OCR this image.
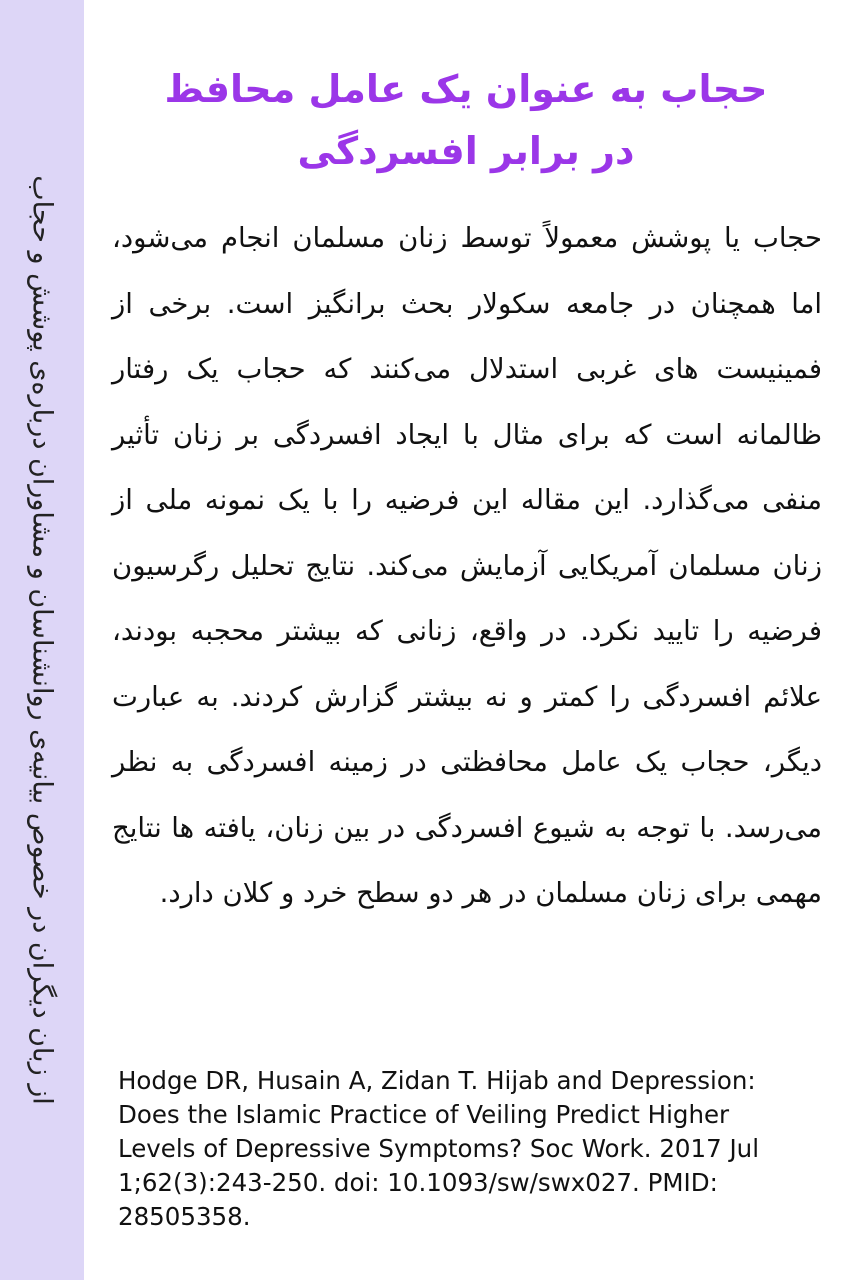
از زبان دیگران در خصوص بیانیه‌ی روانشناسان و مشاوران درباره‌ی پوشش و حجاب
حجاب به عنوان یک عامل محافظ
در برابر افسردگی
حجاب یا پوشش معمولاً توسط زنان مسلمان انجام می‌شود، اما همچنان در جامعه سکولار بحث برانگیز است. برخی از فمینیست های غربی استدلال می‌کنند که حجاب یک رفتار ظالمانه است که برای مثال با ایجاد افسردگی بر زنان تأثیر منفی می‌گذارد. این مقاله این فرضیه را با یک نمونه ملی از زنان مسلمان آمریکایی آزمایش می‌کند. نتایج تحلیل رگرسیون فرضیه را تایید نکرد. در واقع، زنانی که بیشتر محجبه بودند، علائم افسردگی را کمتر و نه بیشتر گزارش کردند. به عبارت دیگر، حجاب یک عامل محافظتی در زمینه افسردگی به نظر می‌رسد. با توجه به شیوع افسردگی در بین زنان، یافته ها نتایج مهمی برای زنان مسلمان در هر دو سطح خرد و کلان دارد.
Hodge DR, Husain A, Zidan T. Hijab and Depression: Does the Islamic Practice of Veiling Predict Higher Levels of Depressive Symptoms? Soc Work. 2017 Jul 1;62(3):243-250. doi: 10.1093/sw/swx027. PMID: 28505358.
